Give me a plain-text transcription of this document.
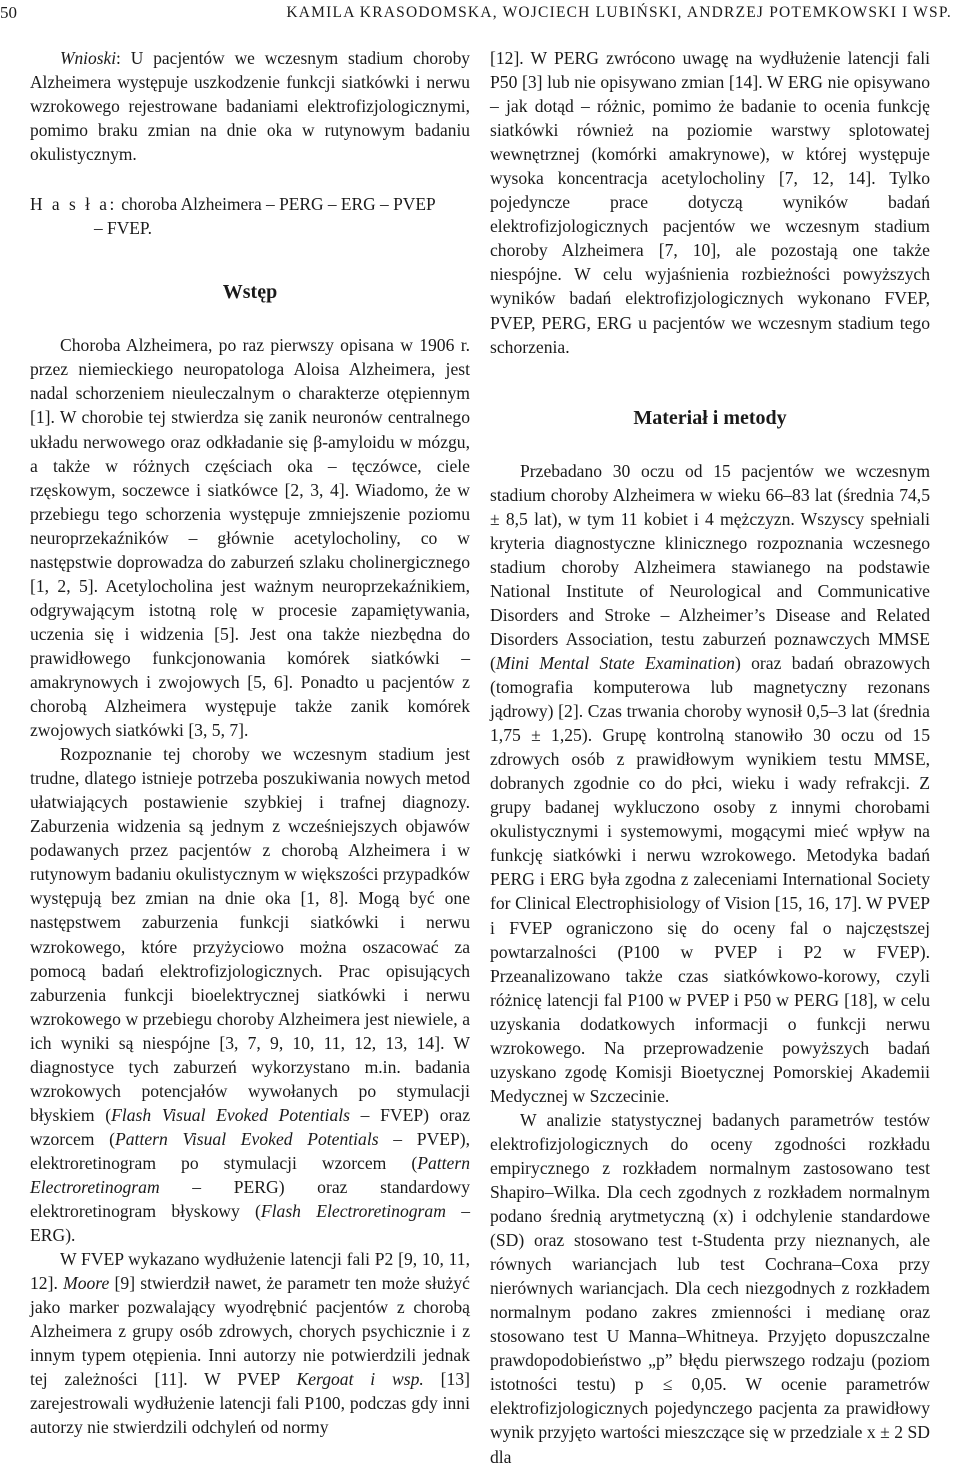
50	KAMILA KRASODOMSKA, WOJCIECH LUBIŃSKI, ANDRZEJ POTEMKOWSKI I WSP.

Wnioski: U pacjentów we wczesnym stadium choroby Alzheimera występuje uszkodzenie funkcji siatkówki i nerwu wzrokowego rejestrowane badaniami elektrofizjologicznymi, pomimo braku zmian na dnie oka w rutynowym badaniu okulistycznym.

H a s ł a: choroba Alzheimera – PERG – ERG – PVEP
– FVEP.
Wstęp

Choroba Alzheimera, po raz pierwszy opisana w 1906 r. przez niemieckiego neuropatologa Aloisa Alzheimera, jest nadal schorzeniem nieuleczalnym o charakterze otępiennym [1]. W chorobie tej stwierdza się zanik neuronów centralnego układu nerwowego oraz odkładanie się β-amyloidu w mózgu, a także w różnych częściach oka – tęczówce, ciele rzęskowym, soczewce i siatkówce [2, 3, 4]. Wiadomo, że w przebiegu tego schorzenia występuje zmniejszenie poziomu neuroprzekaźników – głównie acetylocholiny, co w następstwie doprowadza do zaburzeń szlaku cholinergicznego [1, 2, 5]. Acetylocholina jest ważnym neuroprzekaźnikiem, odgrywającym istotną rolę w procesie zapamiętywania, uczenia się i widzenia [5]. Jest ona także niezbędna do prawidłowego funkcjonowania komórek siatkówki – amakrynowych i zwojowych [5, 6]. Ponadto u pacjentów z chorobą Alzheimera występuje także zanik komórek zwojowych siatkówki [3, 5, 7].

Rozpoznanie tej choroby we wczesnym stadium jest trudne, dlatego istnieje potrzeba poszukiwania nowych metod ułatwiających postawienie szybkiej i trafnej diagnozy. Zaburzenia widzenia są jednym z wcześniejszych objawów podawanych przez pacjentów z chorobą Alzheimera i w rutynowym badaniu okulistycznym w większości przypadków występują bez zmian na dnie oka [1, 8]. Mogą być one następstwem zaburzenia funkcji siatkówki i nerwu wzrokowego, które przyżyciowo można oszacować za pomocą badań elektrofizjologicznych. Prac opisujących zaburzenia funkcji bioelektrycznej siatkówki i nerwu wzrokowego w przebiegu choroby Alzheimera jest niewiele, a ich wyniki są niespójne [3, 7, 9, 10, 11, 12, 13, 14]. W diagnostyce tych zaburzeń wykorzystano m.in. badania wzrokowych potencjałów wywołanych po stymulacji błyskiem (Flash Visual Evoked Potentials – FVEP) oraz wzorcem (Pattern Visual Evoked Potentials – PVEP), elektroretinogram po stymulacji wzorcem (Pattern Electroretinogram – PERG) oraz standardowy elektroretinogram błyskowy (Flash Electroretinogram – ERG).

W FVEP wykazano wydłużenie latencji fali P2 [9, 10, 11, 12]. Moore [9] stwierdził nawet, że parametr ten może służyć jako marker pozwalający wyodrębnić pacjentów z chorobą Alzheimera z grupy osób zdrowych, chorych psychicznie i z innym typem otępienia. Inni autorzy nie potwierdzili jednak tej zależności [11]. W PVEP Kergoat i wsp. [13] zarejestrowali wydłużenie latencji fali P100, podczas gdy inni autorzy nie stwierdzili odchyleń od normy

[12]. W PERG zwrócono uwagę na wydłużenie latencji fali P50 [3] lub nie opisywano zmian [14]. W ERG nie opisywano – jak dotąd – różnic, pomimo że badanie to ocenia funkcję siatkówki również na poziomie warstwy splotowatej wewnętrznej (komórki amakrynowe), w której występuje wysoka koncentracja acetylocholiny [7, 12, 14]. Tylko pojedyncze prace dotyczą wyników badań elektrofizjologicznych pacjentów we wczesnym stadium choroby Alzheimera [7, 10], ale pozostają one także niespójne. W celu wyjaśnienia rozbieżności powyższych wyników badań elektrofizjologicznych wykonano FVEP, PVEP, PERG, ERG u pacjentów we wczesnym stadium tego schorzenia.

Materiał i metody

Przebadano 30 oczu od 15 pacjentów we wczesnym stadium choroby Alzheimera w wieku 66–83 lat (średnia 74,5 ± 8,5 lat), w tym 11 kobiet i 4 mężczyzn. Wszyscy spełniali kryteria diagnostyczne klinicznego rozpoznania wczesnego stadium choroby Alzheimera stawianego na podstawie National Institute of Neurological and Communicative Disorders and Stroke – Alzheimer’s Disease and Related Disorders Association, testu zaburzeń poznawczych MMSE (Mini Mental State Examination) oraz badań obrazowych (tomografia komputerowa lub magnetyczny rezonans jądrowy) [2]. Czas trwania choroby wynosił 0,5–3 lat (średnia 1,75 ± 1,25). Grupę kontrolną stanowiło 30 oczu od 15 zdrowych osób z prawidłowym wynikiem testu MMSE, dobranych zgodnie co do płci, wieku i wady refrakcji. Z grupy badanej wykluczono osoby z innymi chorobami okulistycznymi i systemowymi, mogącymi mieć wpływ na funkcję siatkówki i nerwu wzrokowego. Metodyka badań PERG i ERG była zgodna z zaleceniami International Society for Clinical Electrophisiology of Vision [15, 16, 17]. W PVEP i FVEP ograniczono się do oceny fal o najczęstszej powtarzalności (P100 w PVEP i P2 w FVEP). Przeanalizowano także czas siatkówkowo-korowy, czyli różnicę latencji fal P100 w PVEP i P50 w PERG [18], w celu uzyskania dodatkowych informacji o funkcji nerwu wzrokowego. Na przeprowadzenie powyższych badań uzyskano zgodę Komisji Bioetycznej Pomorskiej Akademii Medycznej w Szczecinie.

W analizie statystycznej badanych parametrów testów elektrofizjologicznych do oceny zgodności rozkładu empirycznego z rozkładem normalnym zastosowano test Shapiro–Wilka. Dla cech zgodnych z rozkładem normalnym podano średnią arytmetyczną (x) i odchylenie standardowe (SD) oraz stosowano test t-Studenta przy nieznanych, ale równych wariancjach lub test Cochrana–Coxa przy nierównych wariancjach. Dla cech niezgodnych z rozkładem normalnym podano zakres zmienności i medianę oraz stosowano test U Manna–Whitneya. Przyjęto dopuszczalne prawdopodobieństwo „p” błędu pierwszego rodzaju (poziom istotności testu) p ≤ 0,05. W ocenie parametrów elektrofizjologicznych pojedynczego pacjenta za prawidłowy wynik przyjęto wartości mieszczące się w przedziale x ± 2 SD dla
